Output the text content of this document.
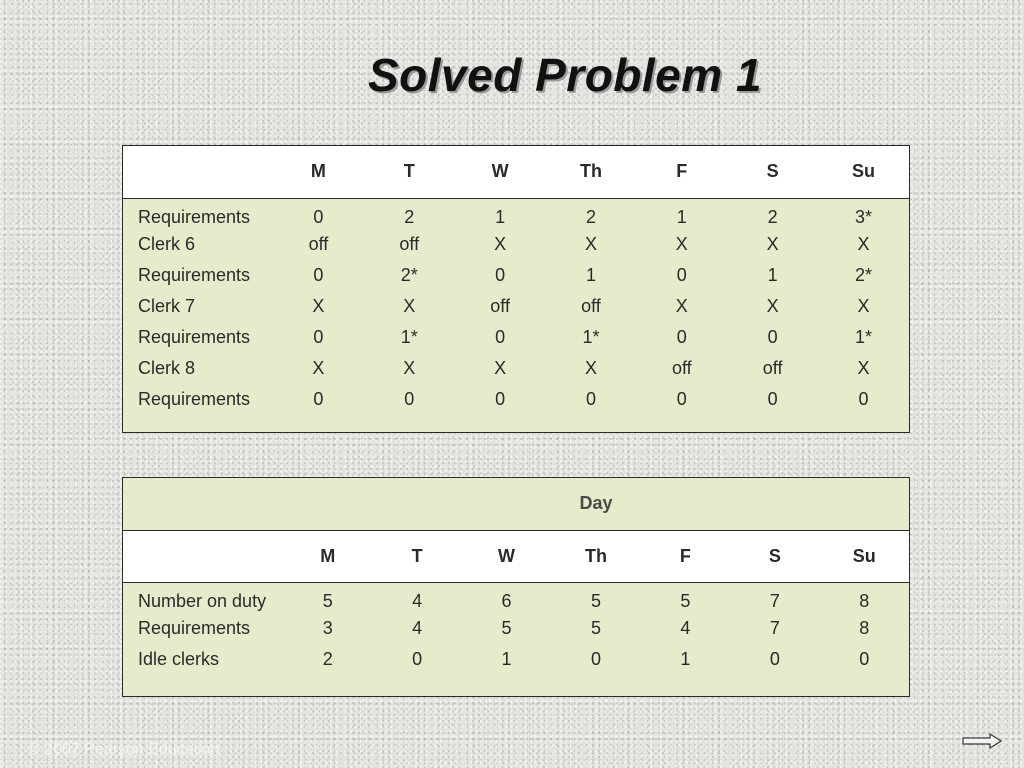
Solved Problem 1
	M	T	W	Th	F	S	Su
Requirements	0	2	1	2	1	2	3*
Clerk 6	off	off	X	X	X	X	X
Requirements	0	2*	0	1	0	1	2*
Clerk 7	X	X	off	off	X	X	X
Requirements	0	1*	0	1*	0	0	1*
Clerk 8	X	X	X	X	off	off	X
Requirements	0	0	0	0	0	0	0
	Day						
	M	T	W	Th	F	S	Su
Number on duty	5	4	6	5	5	7	8
Requirements	3	4	5	5	4	7	8
Idle clerks	2	0	1	0	1	0	0
© 2007 Pearson Education
